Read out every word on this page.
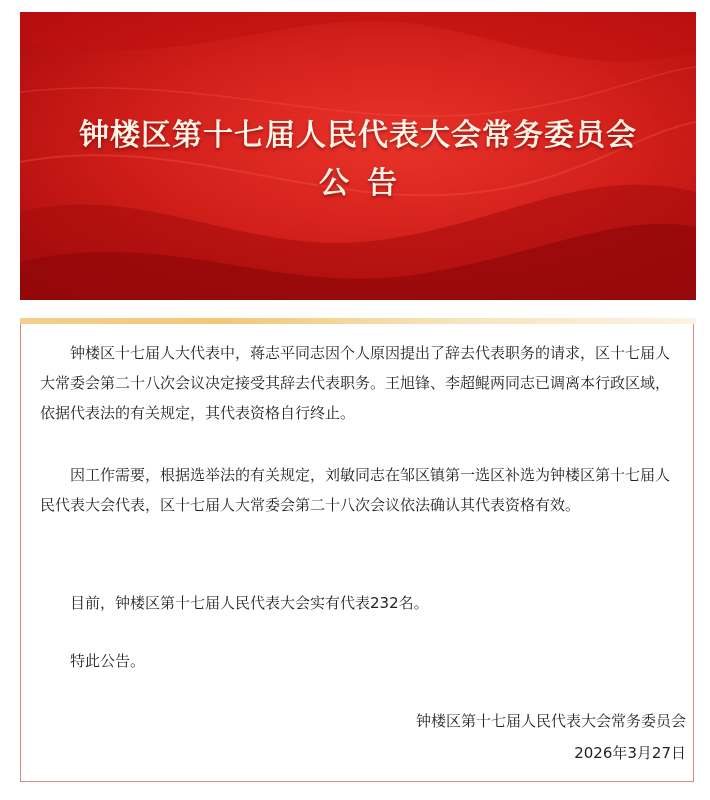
钟楼区第十七届人民代表大会常务委员会
公告

钟楼区十七届人大代表中，蒋志平同志因个人原因提出了辞去代表职务的请求，区十七届人大常委会第二十八次会议决定接受其辞去代表职务。王旭锋、李超鲲两同志已调离本行政区域，依据代表法的有关规定，其代表资格自行终止。

因工作需要，根据选举法的有关规定，刘敏同志在邹区镇第一选区补选为钟楼区第十七届人民代表大会代表，区十七届人大常委会第二十八次会议依法确认其代表资格有效。

目前，钟楼区第十七届人民代表大会实有代表232名。

特此公告。

钟楼区第十七届人民代表大会常务委员会
2026年3月27日
